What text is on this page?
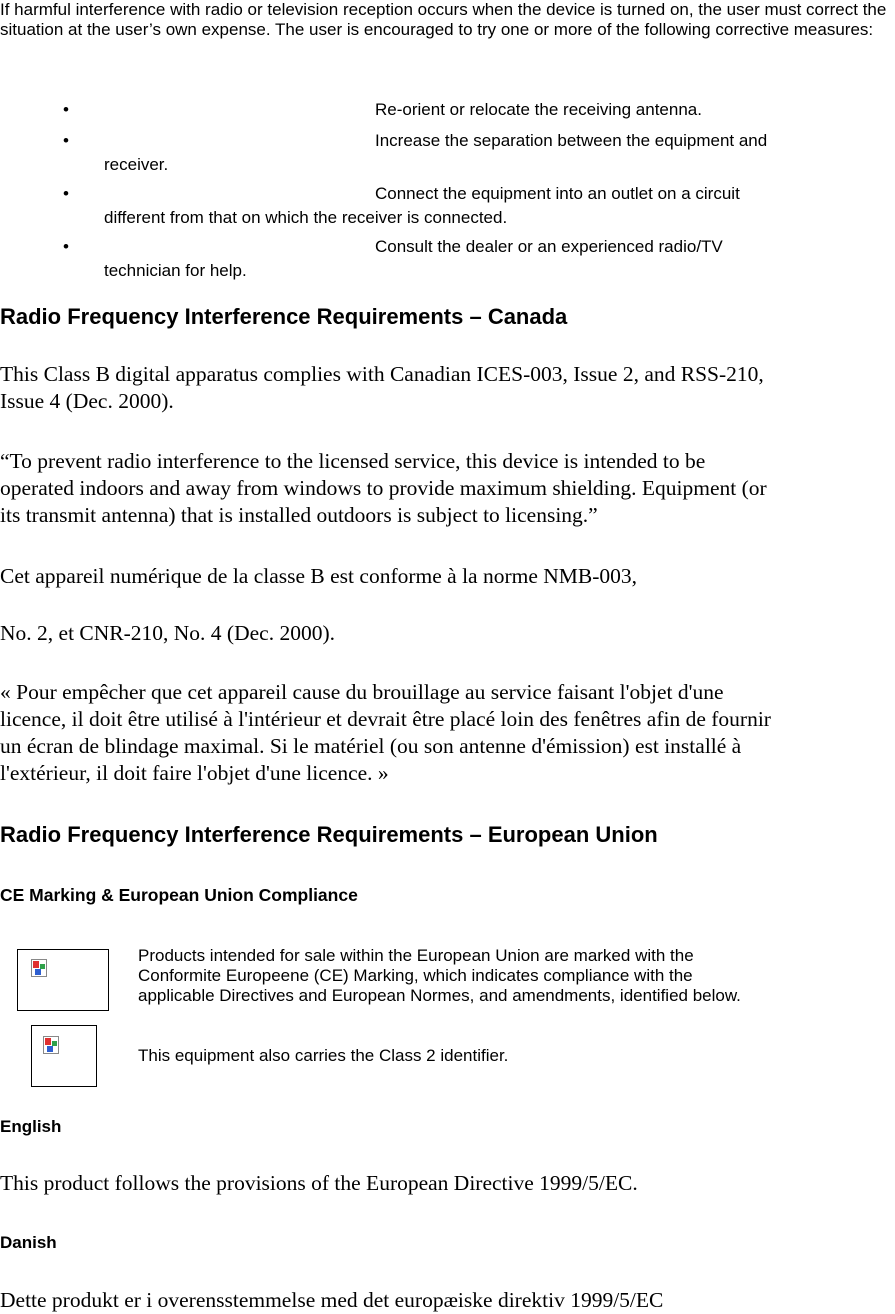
If harmful interference with radio or television reception occurs when the device is turned on, the user must correct the situation at the user’s own expense. The user is encouraged to try one or more of the following corrective measures:
•	Re-orient or relocate the receiving antenna.
•	Increase the separation between the equipment and
receiver.
•	Connect the equipment into an outlet on a circuit
different from that on which the receiver is connected.
•	Consult the dealer or an experienced radio/TV
technician for help.
Radio Frequency Interference Requirements – Canada
This Class B digital apparatus complies with Canadian ICES-003, Issue 2, and RSS-210,
Issue 4 (Dec. 2000).
“To prevent radio interference to the licensed service, this device is intended to be
operated indoors and away from windows to provide maximum shielding. Equipment (or
its transmit antenna) that is installed outdoors is subject to licensing.”
Cet appareil numérique de la classe B est conforme à la norme NMB-003,
No. 2, et CNR-210, No. 4 (Dec. 2000).
« Pour empêcher que cet appareil cause du brouillage au service faisant l'objet d'une
licence, il doit être utilisé à l'intérieur et devrait être placé loin des fenêtres afin de fournir
un écran de blindage maximal. Si le matériel (ou son antenne d'émission) est installé à
l'extérieur, il doit faire l'objet d'une licence. »
Radio Frequency Interference Requirements – European Union
CE Marking & European Union Compliance
Products intended for sale within the European Union are marked with the
Conformite Europeene (CE) Marking, which indicates compliance with the
applicable Directives and European Normes, and amendments, identified below.
This equipment also carries the Class 2 identifier.
English
This product follows the provisions of the European Directive 1999/5/EC.
Danish
Dette produkt er i overensstemmelse med det europæiske direktiv 1999/5/EC
